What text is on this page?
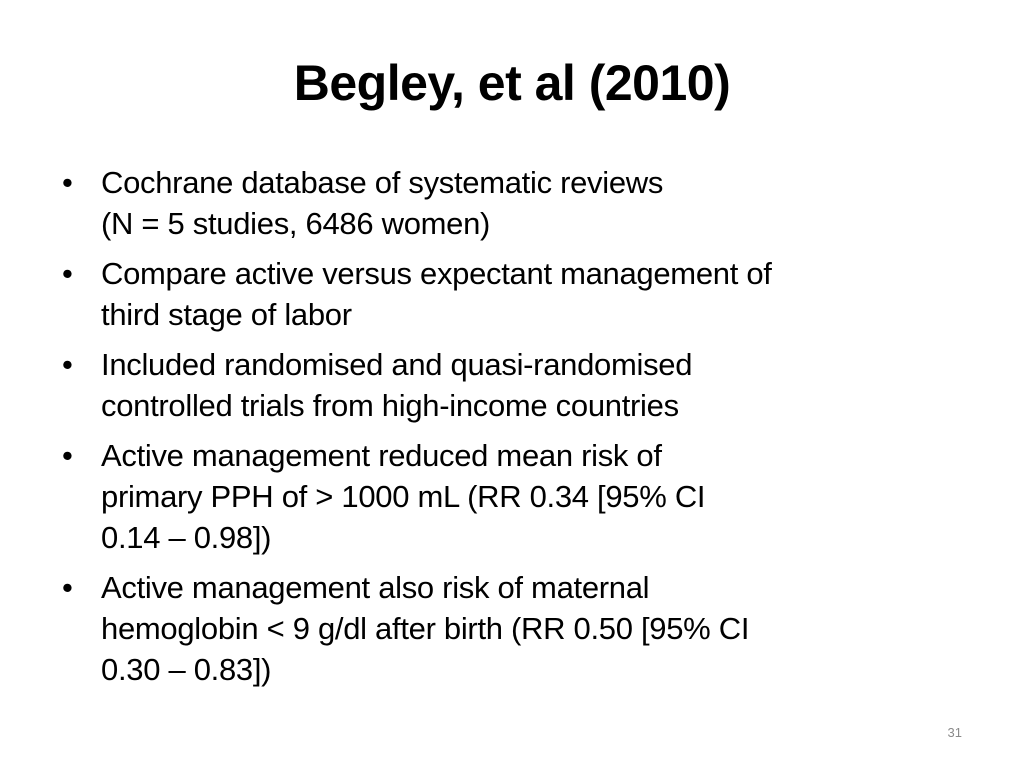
Begley, et al (2010)
• Cochrane database of systematic reviews
(N = 5 studies, 6486 women)
• Compare active versus expectant management of
third stage of labor
• Included randomised and quasi-randomised
controlled trials from high-income countries
• Active management reduced mean risk of
primary PPH of > 1000 mL (RR 0.34 [95% CI
0.14 – 0.98])
• Active management also risk of maternal
hemoglobin < 9 g/dl after birth (RR 0.50 [95% CI
0.30 – 0.83])
31
